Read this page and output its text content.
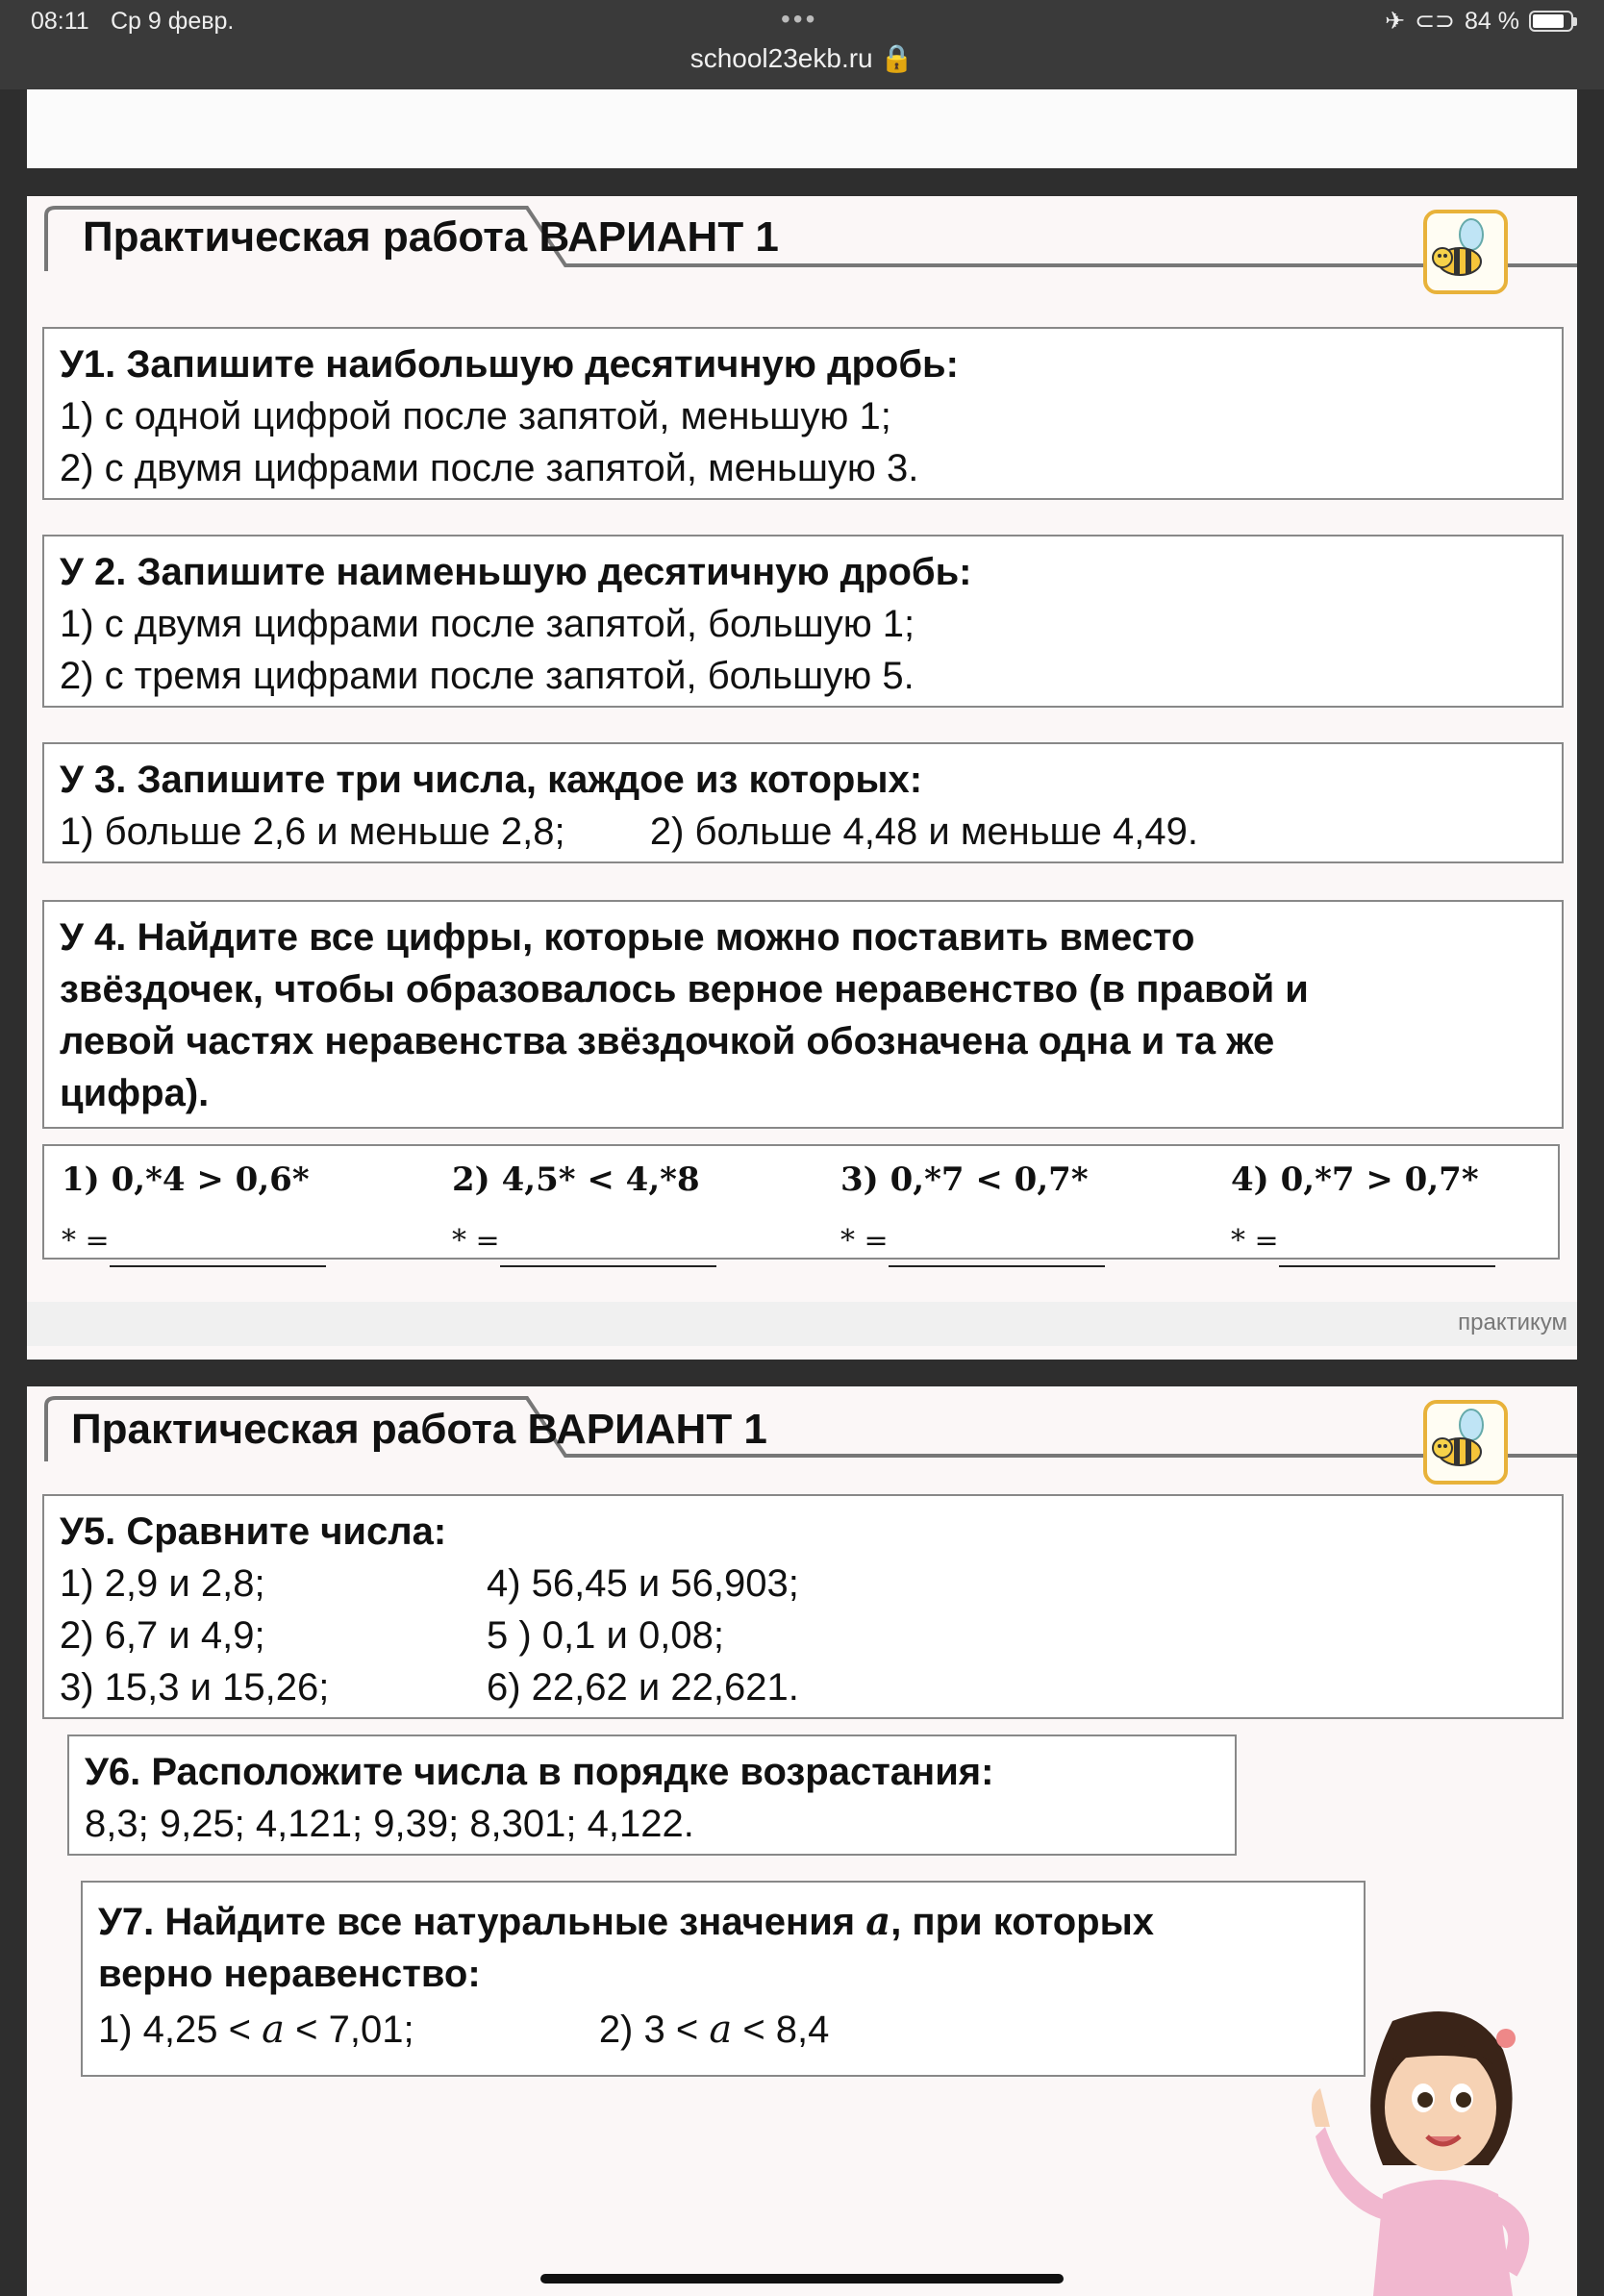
08:11 Ср 9 февр.	•••
school23ekb.ru 🔒
✈ ⊂⊃ 84 %
Практическая работа ВАРИАНТ 1
У1. Запишите наибольшую десятичную дробь:
1) с одной цифрой после запятой, меньшую 1;
2) с двумя цифрами после запятой, меньшую 3.
У 2. Запишите наименьшую десятичную дробь:
1) с двумя цифрами после запятой, большую 1;
2) с тремя цифрами после запятой, большую 5.
У 3. Запишите три числа, каждое из которых:
1) больше 2,6 и меньше 2,8; 2) больше 4,48 и меньше 4,49.
У 4. Найдите все цифры, которые можно поставить вместо
звёздочек, чтобы образовалось верное неравенство (в правой и
левой частях неравенства звёздочкой обозначена одна и та же
цифра).
1) 0,*4 > 0,6*
* =
2) 4,5* < 4,*8
* =
3) 0,*7 < 0,7*
* =
4) 0,*7 > 0,7*
* =
практикум
Практическая работа ВАРИАНТ 1
У5. Сравните числа:
1) 2,9 и 2,8;
2) 6,7 и 4,9;
3) 15,3 и 15,26;
4) 56,45 и 56,903;
5 ) 0,1 и 0,08;
6) 22,62 и 22,621.
У6. Расположите числа в порядке возрастания:
8,3; 9,25; 4,121; 9,39; 8,301; 4,122.
У7. Найдите все натуральные значения a, при которых
верно неравенство:
1) 4,25 < a < 7,01;	2) 3 < a < 8,4
